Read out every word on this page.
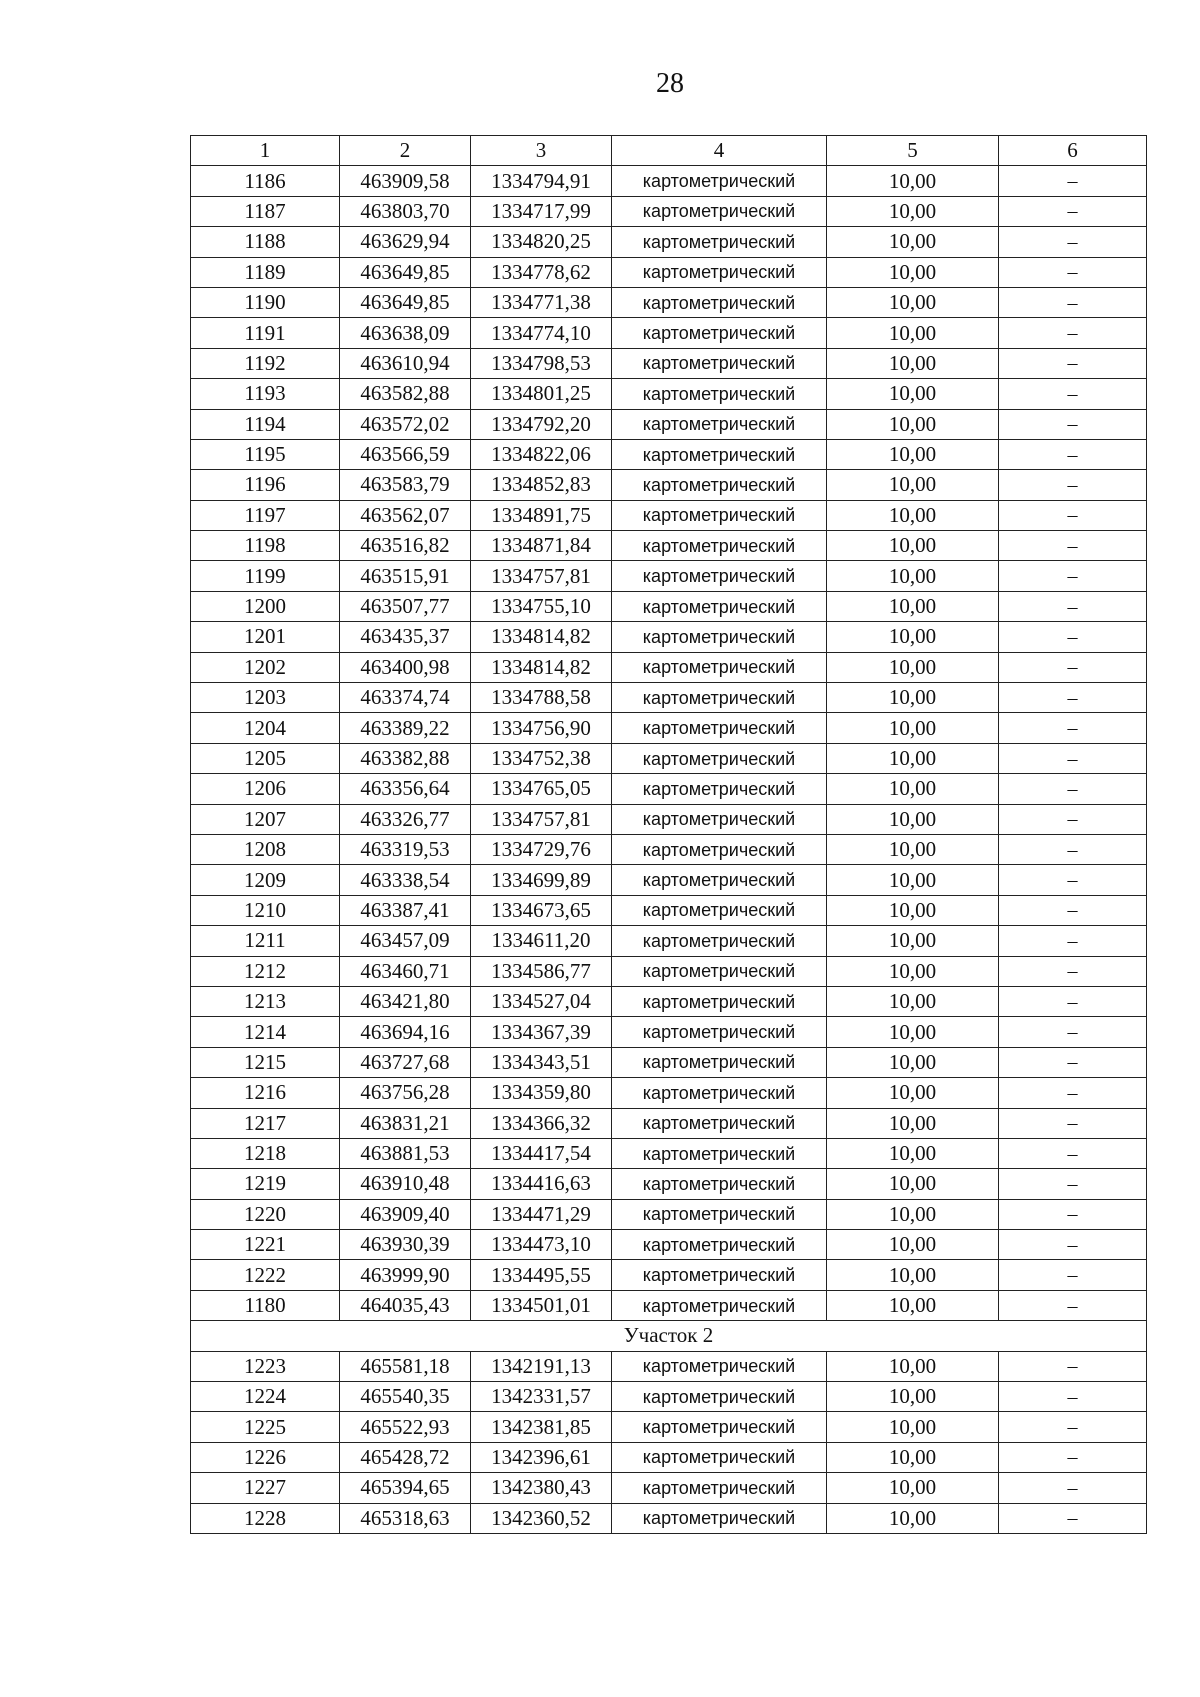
28
1	2	3	4	5	6
1186	463909,58	1334794,91	картометрический	10,00	–
1187	463803,70	1334717,99	картометрический	10,00	–
1188	463629,94	1334820,25	картометрический	10,00	–
1189	463649,85	1334778,62	картометрический	10,00	–
1190	463649,85	1334771,38	картометрический	10,00	–
1191	463638,09	1334774,10	картометрический	10,00	–
1192	463610,94	1334798,53	картометрический	10,00	–
1193	463582,88	1334801,25	картометрический	10,00	–
1194	463572,02	1334792,20	картометрический	10,00	–
1195	463566,59	1334822,06	картометрический	10,00	–
1196	463583,79	1334852,83	картометрический	10,00	–
1197	463562,07	1334891,75	картометрический	10,00	–
1198	463516,82	1334871,84	картометрический	10,00	–
1199	463515,91	1334757,81	картометрический	10,00	–
1200	463507,77	1334755,10	картометрический	10,00	–
1201	463435,37	1334814,82	картометрический	10,00	–
1202	463400,98	1334814,82	картометрический	10,00	–
1203	463374,74	1334788,58	картометрический	10,00	–
1204	463389,22	1334756,90	картометрический	10,00	–
1205	463382,88	1334752,38	картометрический	10,00	–
1206	463356,64	1334765,05	картометрический	10,00	–
1207	463326,77	1334757,81	картометрический	10,00	–
1208	463319,53	1334729,76	картометрический	10,00	–
1209	463338,54	1334699,89	картометрический	10,00	–
1210	463387,41	1334673,65	картометрический	10,00	–
1211	463457,09	1334611,20	картометрический	10,00	–
1212	463460,71	1334586,77	картометрический	10,00	–
1213	463421,80	1334527,04	картометрический	10,00	–
1214	463694,16	1334367,39	картометрический	10,00	–
1215	463727,68	1334343,51	картометрический	10,00	–
1216	463756,28	1334359,80	картометрический	10,00	–
1217	463831,21	1334366,32	картометрический	10,00	–
1218	463881,53	1334417,54	картометрический	10,00	–
1219	463910,48	1334416,63	картометрический	10,00	–
1220	463909,40	1334471,29	картометрический	10,00	–
1221	463930,39	1334473,10	картометрический	10,00	–
1222	463999,90	1334495,55	картометрический	10,00	–
1180	464035,43	1334501,01	картометрический	10,00	–
Участок 2					
1223	465581,18	1342191,13	картометрический	10,00	–
1224	465540,35	1342331,57	картометрический	10,00	–
1225	465522,93	1342381,85	картометрический	10,00	–
1226	465428,72	1342396,61	картометрический	10,00	–
1227	465394,65	1342380,43	картометрический	10,00	–
1228	465318,63	1342360,52	картометрический	10,00	–
